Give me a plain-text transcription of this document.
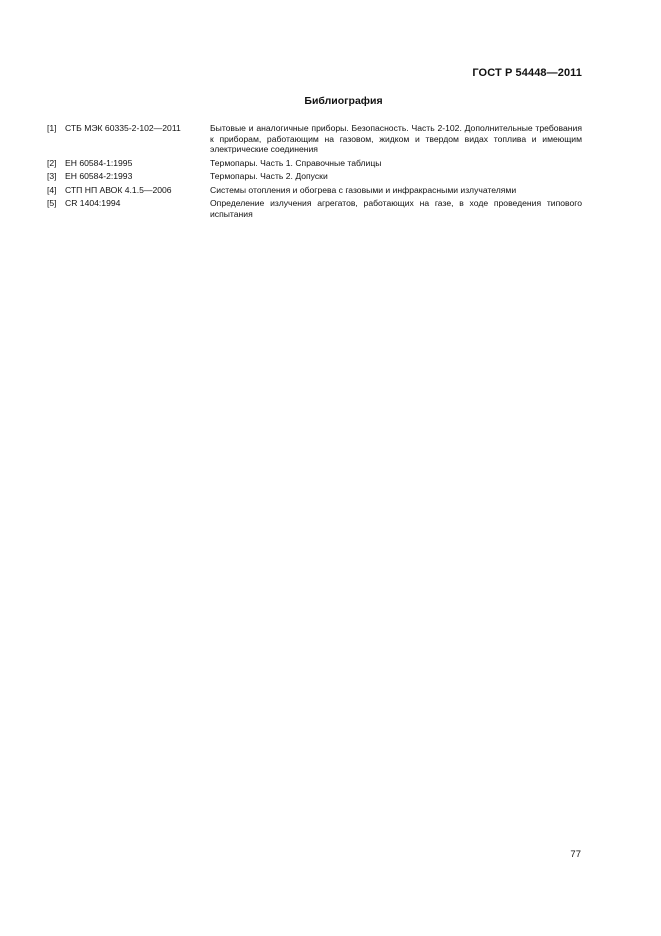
ГОСТ Р 54448—2011
Библиография
[1] СТБ МЭК 60335-2-102—2011	Бытовые и аналогичные приборы. Безопасность. Часть 2-102. Дополнительные требования к приборам, работающим на газовом, жидком и твердом видах топлива и имеющим электрические соединения
[2] ЕН 60584-1:1995	Термопары. Часть 1. Справочные таблицы
[3] ЕН 60584-2:1993	Термопары. Часть 2. Допуски
[4] СТП НП АВОК 4.1.5—2006	Системы отопления и обогрева с газовыми и инфракрасными излучателями
[5] CR 1404:1994	Определение излучения агрегатов, работающих на газе, в ходе проведения типового испытания
77
